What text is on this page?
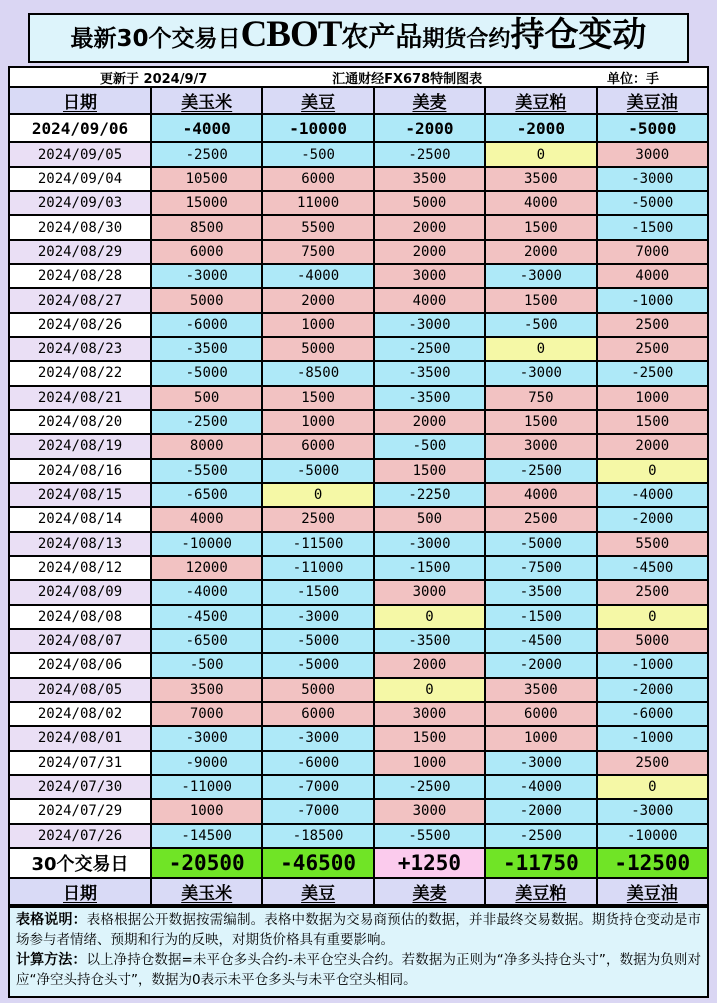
最新30个交易日CBOT农产品期货合约持仓变动
更新于 2024/9/7	汇通财经FX678特制图表	单位：手
日期	美玉米	美豆	美麦	美豆粕	美豆油
2024/09/06	-4000	-10000	-2000	-2000	-5000
2024/09/05	-2500	-500	-2500	0	3000
2024/09/04	10500	6000	3500	3500	-3000
2024/09/03	15000	11000	5000	4000	-5000
2024/08/30	8500	5500	2000	1500	-1500
2024/08/29	6000	7500	2000	2000	7000
2024/08/28	-3000	-4000	3000	-3000	4000
2024/08/27	5000	2000	4000	1500	-1000
2024/08/26	-6000	1000	-3000	-500	2500
2024/08/23	-3500	5000	-2500	0	2500
2024/08/22	-5000	-8500	-3500	-3000	-2500
2024/08/21	500	1500	-3500	750	1000
2024/08/20	-2500	1000	2000	1500	1500
2024/08/19	8000	6000	-500	3000	2000
2024/08/16	-5500	-5000	1500	-2500	0
2024/08/15	-6500	0	-2250	4000	-4000
2024/08/14	4000	2500	500	2500	-2000
2024/08/13	-10000	-11500	-3000	-5000	5500
2024/08/12	12000	-11000	-1500	-7500	-4500
2024/08/09	-4000	-1500	3000	-3500	2500
2024/08/08	-4500	-3000	0	-1500	0
2024/08/07	-6500	-5000	-3500	-4500	5000
2024/08/06	-500	-5000	2000	-2000	-1000
2024/08/05	3500	5000	0	3500	-2000
2024/08/02	7000	6000	3000	6000	-6000
2024/08/01	-3000	-3000	1500	1000	-1000
2024/07/31	-9000	-6000	1000	-3000	2500
2024/07/30	-11000	-7000	-2500	-4000	0
2024/07/29	1000	-7000	3000	-2000	-3000
2024/07/26	-14500	-18500	-5500	-2500	-10000
30个交易日	-20500	-46500	+1250	-11750	-12500
日期	美玉米	美豆	美麦	美豆粕	美豆油
表格说明：表格根据公开数据按需编制。表格中数据为交易商预估的数据，并非最终交易数据。期货持仓变动是市场参与者情绪、预期和行为的反映，对期货价格具有重要影响。
计算方法：以上净持仓数据=未平仓多头合约-未平仓空头合约。若数据为正则为“净多头持仓头寸”，数据为负则对应“净空头持仓头寸”，数据为0表示未平仓多头与未平仓空头相同。
